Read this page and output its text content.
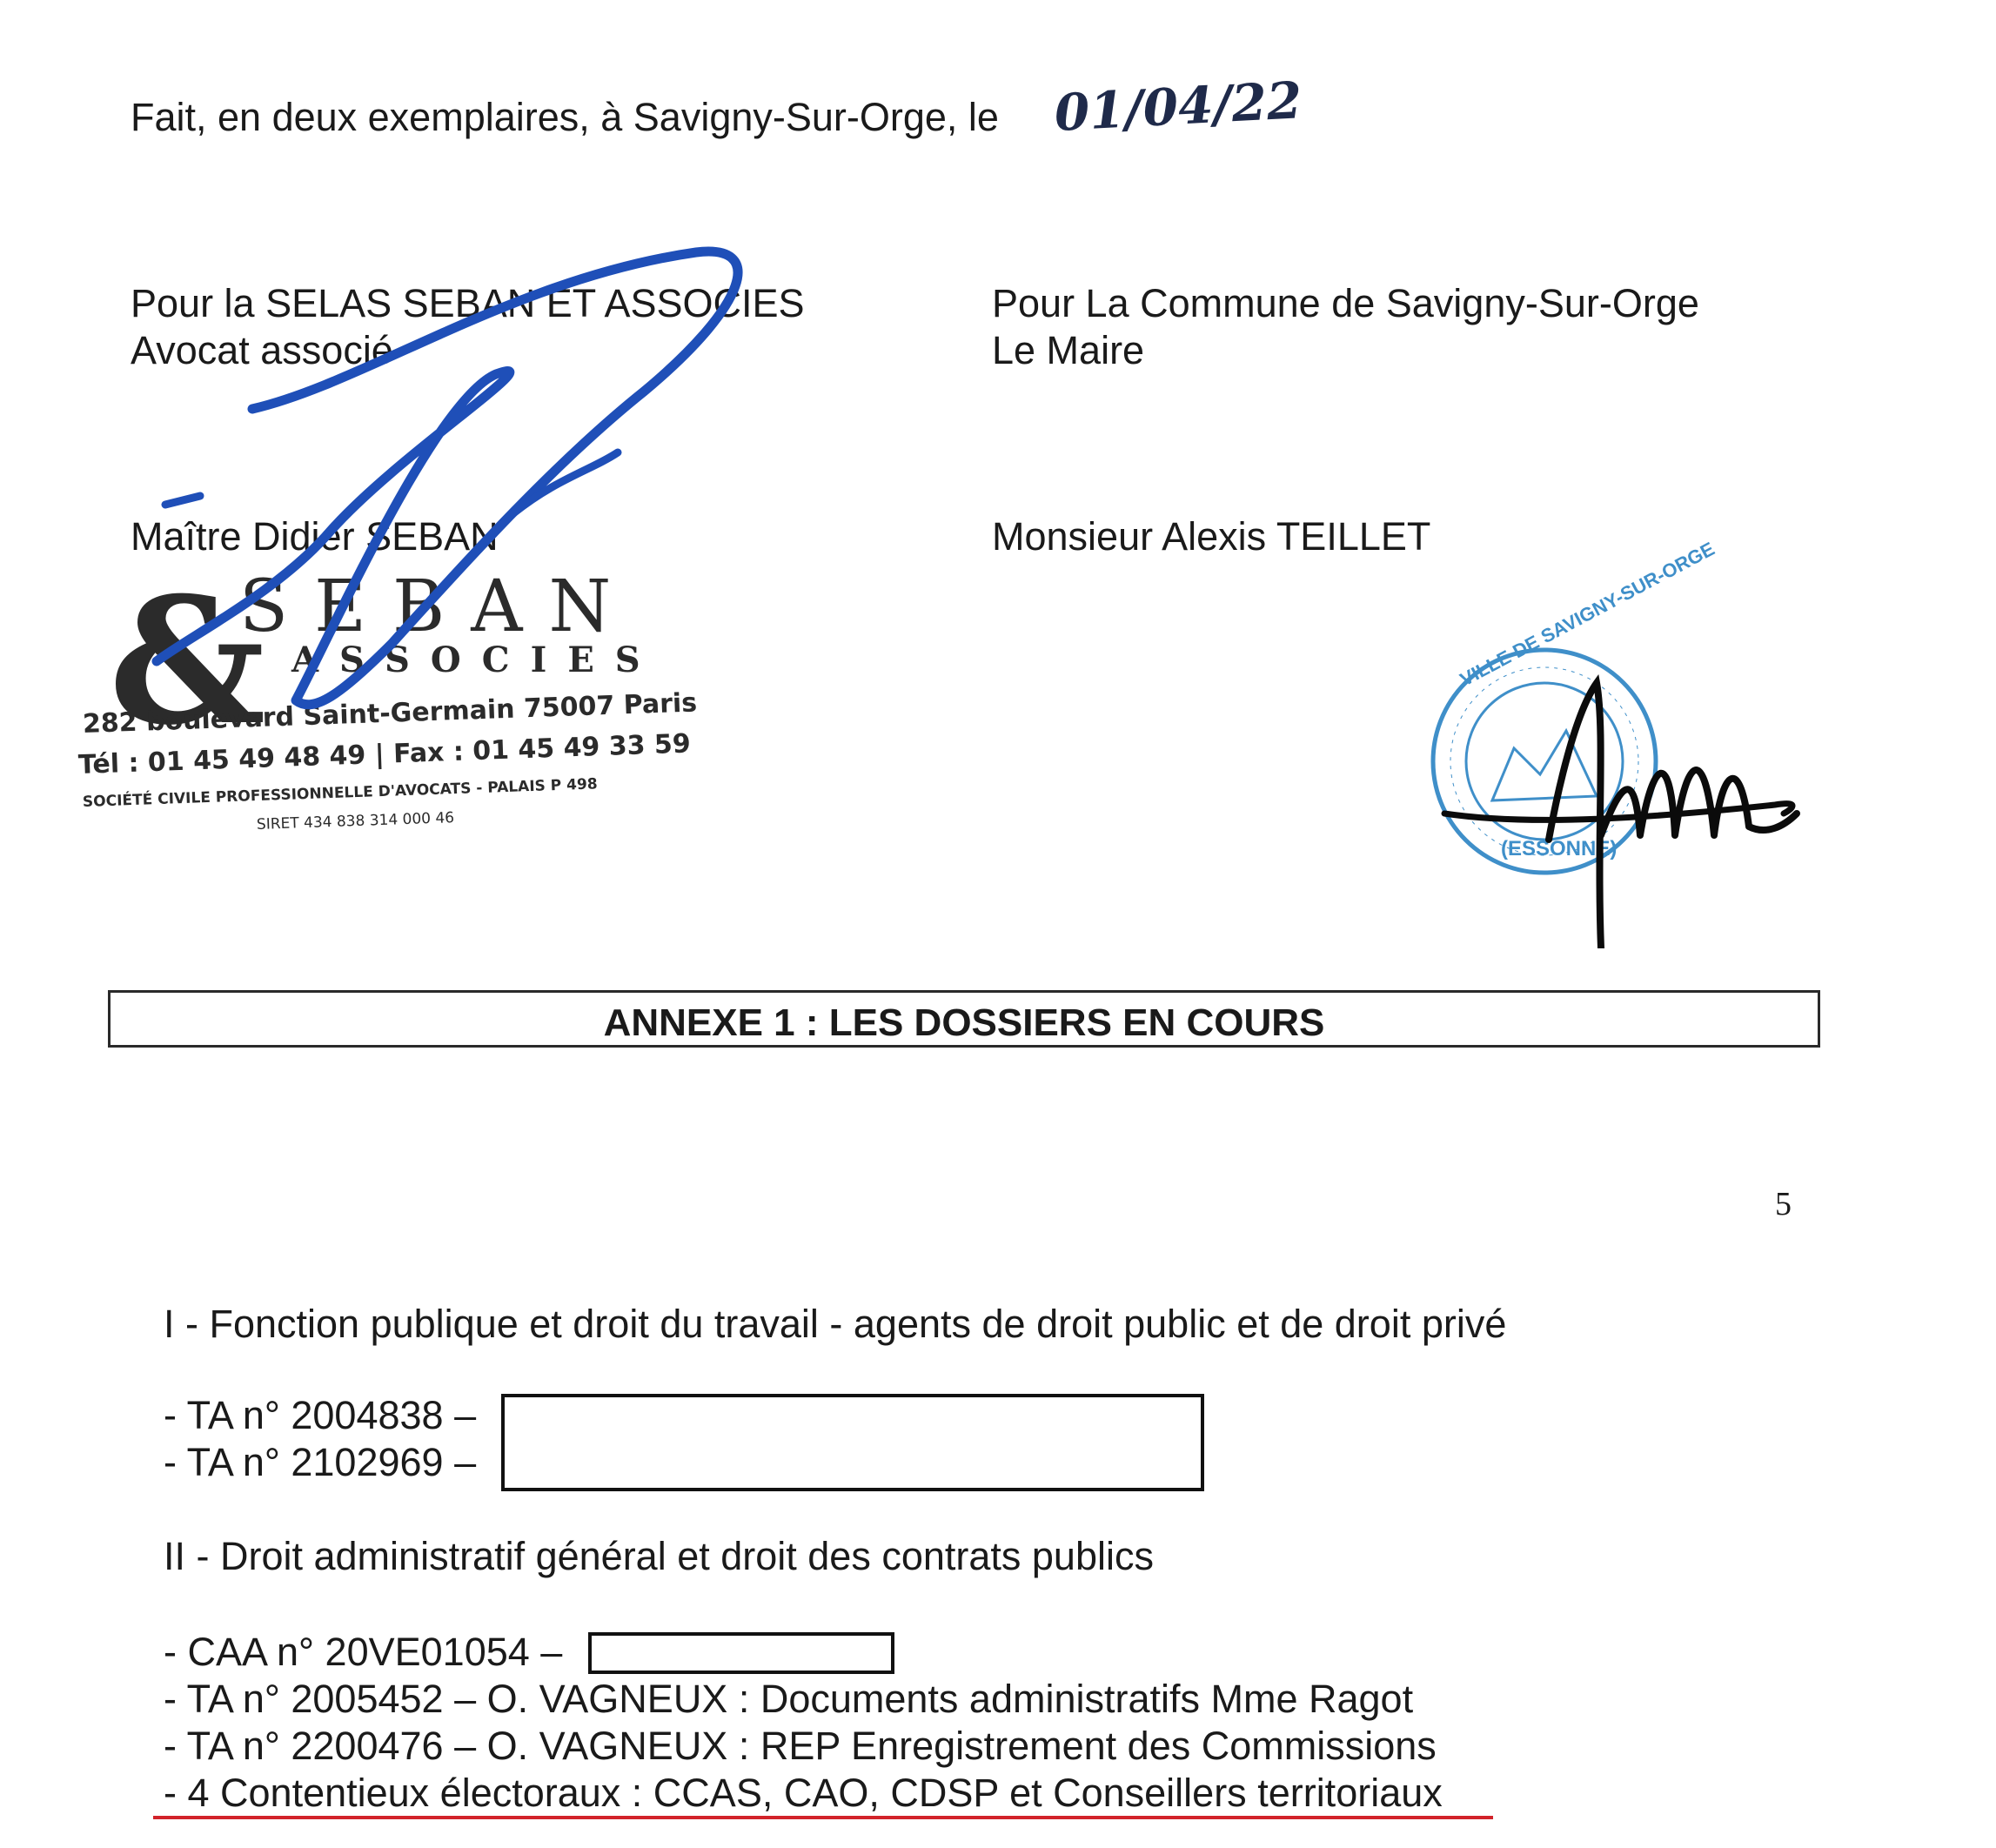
Fait, en deux exemplaires, à Savigny-Sur-Orge, le 01/04/22
Pour la SELAS SEBAN ET ASSOCIES
Avocat associé
Maître Didier SEBAN
Pour La Commune de Savigny-Sur-Orge
Le Maire
Monsieur Alexis TEILLET
&
SEBAN
ASSOCIES
282 boulevard Saint-Germain 75007 Paris
Tél : 01 45 49 48 49 | Fax : 01 45 49 33 59
SOCIÉTÉ CIVILE PROFESSIONNELLE D'AVOCATS - PALAIS P 498
SIRET 434 838 314 000 46
VILLE DE SAVIGNY-SUR-ORGE
(ESSONNE)
ANNEXE 1 : LES DOSSIERS EN COURS
5
I - Fonction publique et droit du travail - agents de droit public et de droit privé
- TA n° 2004838 –
- TA n° 2102969 –
II - Droit administratif général et droit des contrats publics
- CAA n° 20VE01054 –
- TA n° 2005452 – O. VAGNEUX : Documents administratifs Mme Ragot
- TA n° 2200476 – O. VAGNEUX : REP Enregistrement des Commissions
- 4 Contentieux électoraux : CCAS, CAO, CDSP et Conseillers territoriaux
